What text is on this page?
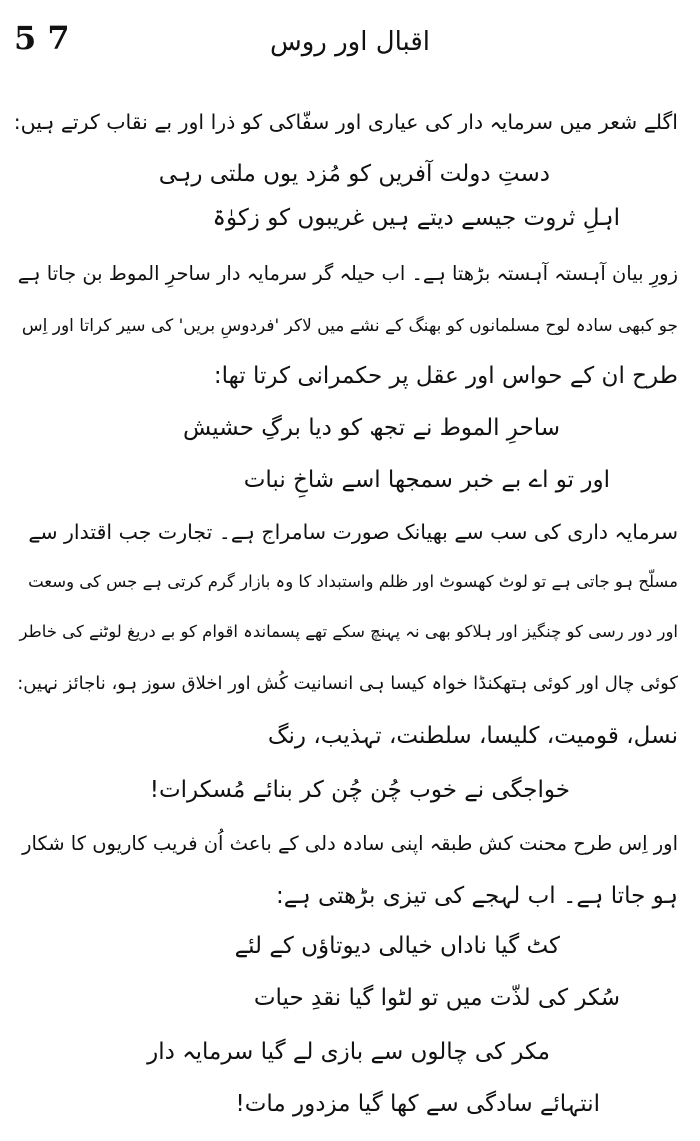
5 7	اقبال اور روس
اگلے شعر میں سرمایہ دار کی عیاری اور سفّاکی کو ذرا اور بے نقاب کرتے ہیں:
دستِ دولت آفریں کو مُزد یوں ملتی رہی
اہلِ ثروت جیسے دیتے ہیں غریبوں کو زکوٰۃ
زورِ بیان آہستہ آہستہ بڑھتا ہے۔ اب حیلہ گر سرمایہ دار ساحرِ الموط بن جاتا ہے
جو کبھی سادہ لوح مسلمانوں کو بھنگ کے نشے میں لاکر 'فردوسِ بریں' کی سیر کراتا اور اِس
طرح ان کے حواس اور عقل پر حکمرانی کرتا تھا:
ساحرِ الموط نے تجھ کو دیا برگِ حشیش
اور تو اے بے خبر سمجھا اسے شاخِ نبات
سرمایہ داری کی سب سے بھیانک صورت سامراج ہے۔ تجارت جب اقتدار سے
مسلّح ہو جاتی ہے تو لوٹ کھسوٹ اور ظلم واستبداد کا وہ بازار گرم کرتی ہے جس کی وسعت
اور دور رسی کو چنگیز اور ہلاکو بھی نہ پہنچ سکے تھے پسماندہ اقوام کو بے دریغ لوٹنے کی خاطر
کوئی چال اور کوئی ہتھکنڈا خواہ کیسا ہی انسانیت کُش اور اخلاق سوز ہو، ناجائز نہیں:
نسل، قومیت، کلیسا، سلطنت، تہذیب، رنگ
خواجگی نے خوب چُن چُن کر بنائے مُسکرات!
اور اِس طرح محنت کش طبقہ اپنی سادہ دلی کے باعث اُن فریب کاریوں کا شکار
ہو جاتا ہے۔ اب لہجے کی تیزی بڑھتی ہے:
کٹ گیا ناداں خیالی دیوتاؤں کے لئے
سُکر کی لذّت میں تو لٹوا گیا نقدِ حیات
مکر کی چالوں سے بازی لے گیا سرمایہ دار
انتہائے سادگی سے کھا گیا مزدور مات!
